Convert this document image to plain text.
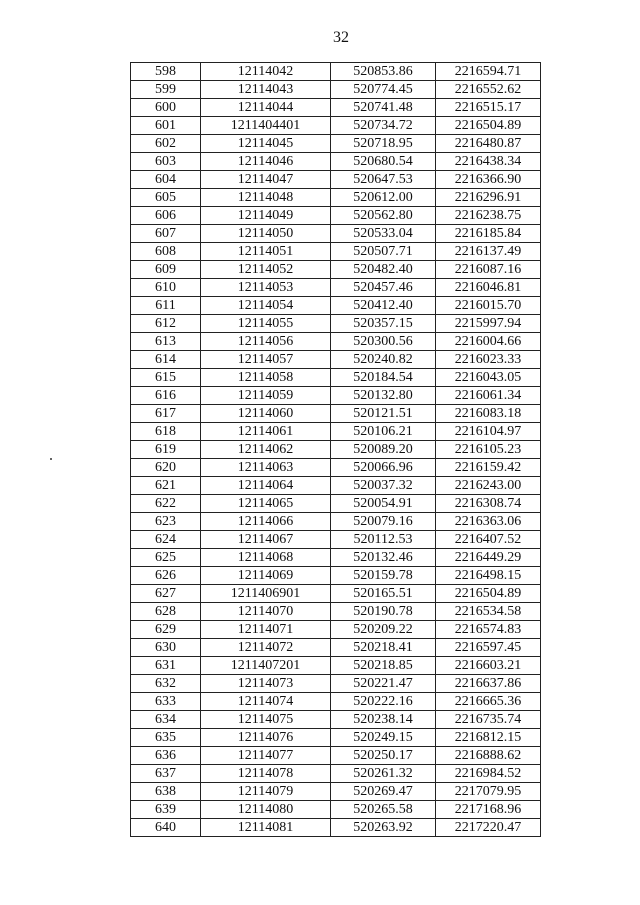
32
598	12114042	520853.86	2216594.71
599	12114043	520774.45	2216552.62
600	12114044	520741.48	2216515.17
601	1211404401	520734.72	2216504.89
602	12114045	520718.95	2216480.87
603	12114046	520680.54	2216438.34
604	12114047	520647.53	2216366.90
605	12114048	520612.00	2216296.91
606	12114049	520562.80	2216238.75
607	12114050	520533.04	2216185.84
608	12114051	520507.71	2216137.49
609	12114052	520482.40	2216087.16
610	12114053	520457.46	2216046.81
611	12114054	520412.40	2216015.70
612	12114055	520357.15	2215997.94
613	12114056	520300.56	2216004.66
614	12114057	520240.82	2216023.33
615	12114058	520184.54	2216043.05
616	12114059	520132.80	2216061.34
617	12114060	520121.51	2216083.18
618	12114061	520106.21	2216104.97
619	12114062	520089.20	2216105.23
620	12114063	520066.96	2216159.42
621	12114064	520037.32	2216243.00
622	12114065	520054.91	2216308.74
623	12114066	520079.16	2216363.06
624	12114067	520112.53	2216407.52
625	12114068	520132.46	2216449.29
626	12114069	520159.78	2216498.15
627	1211406901	520165.51	2216504.89
628	12114070	520190.78	2216534.58
629	12114071	520209.22	2216574.83
630	12114072	520218.41	2216597.45
631	1211407201	520218.85	2216603.21
632	12114073	520221.47	2216637.86
633	12114074	520222.16	2216665.36
634	12114075	520238.14	2216735.74
635	12114076	520249.15	2216812.15
636	12114077	520250.17	2216888.62
637	12114078	520261.32	2216984.52
638	12114079	520269.47	2217079.95
639	12114080	520265.58	2217168.96
640	12114081	520263.92	2217220.47
